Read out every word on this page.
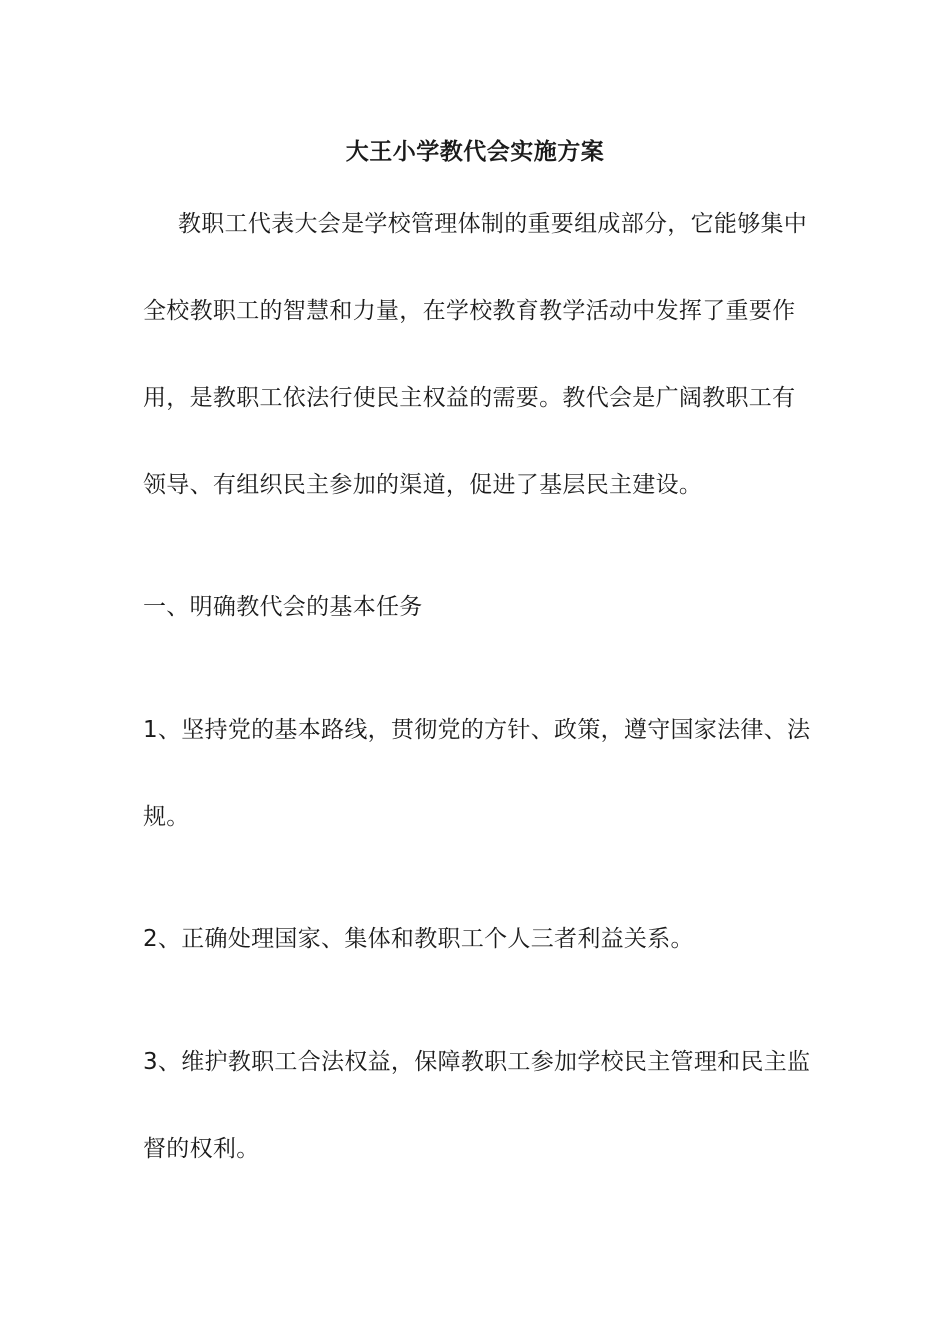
大王小学教代会实施方案
教职工代表大会是学校管理体制的重要组成部分，它能够集中
全校教职工的智慧和力量，在学校教育教学活动中发挥了重要作
用，是教职工依法行使民主权益的需要。教代会是广阔教职工有
领导、有组织民主参加的渠道，促进了基层民主建设。
一、明确教代会的基本任务
1、坚持党的基本路线，贯彻党的方针、政策，遵守国家法律、法
规。
2、正确处理国家、集体和教职工个人三者利益关系。
3、维护教职工合法权益，保障教职工参加学校民主管理和民主监
督的权利。
